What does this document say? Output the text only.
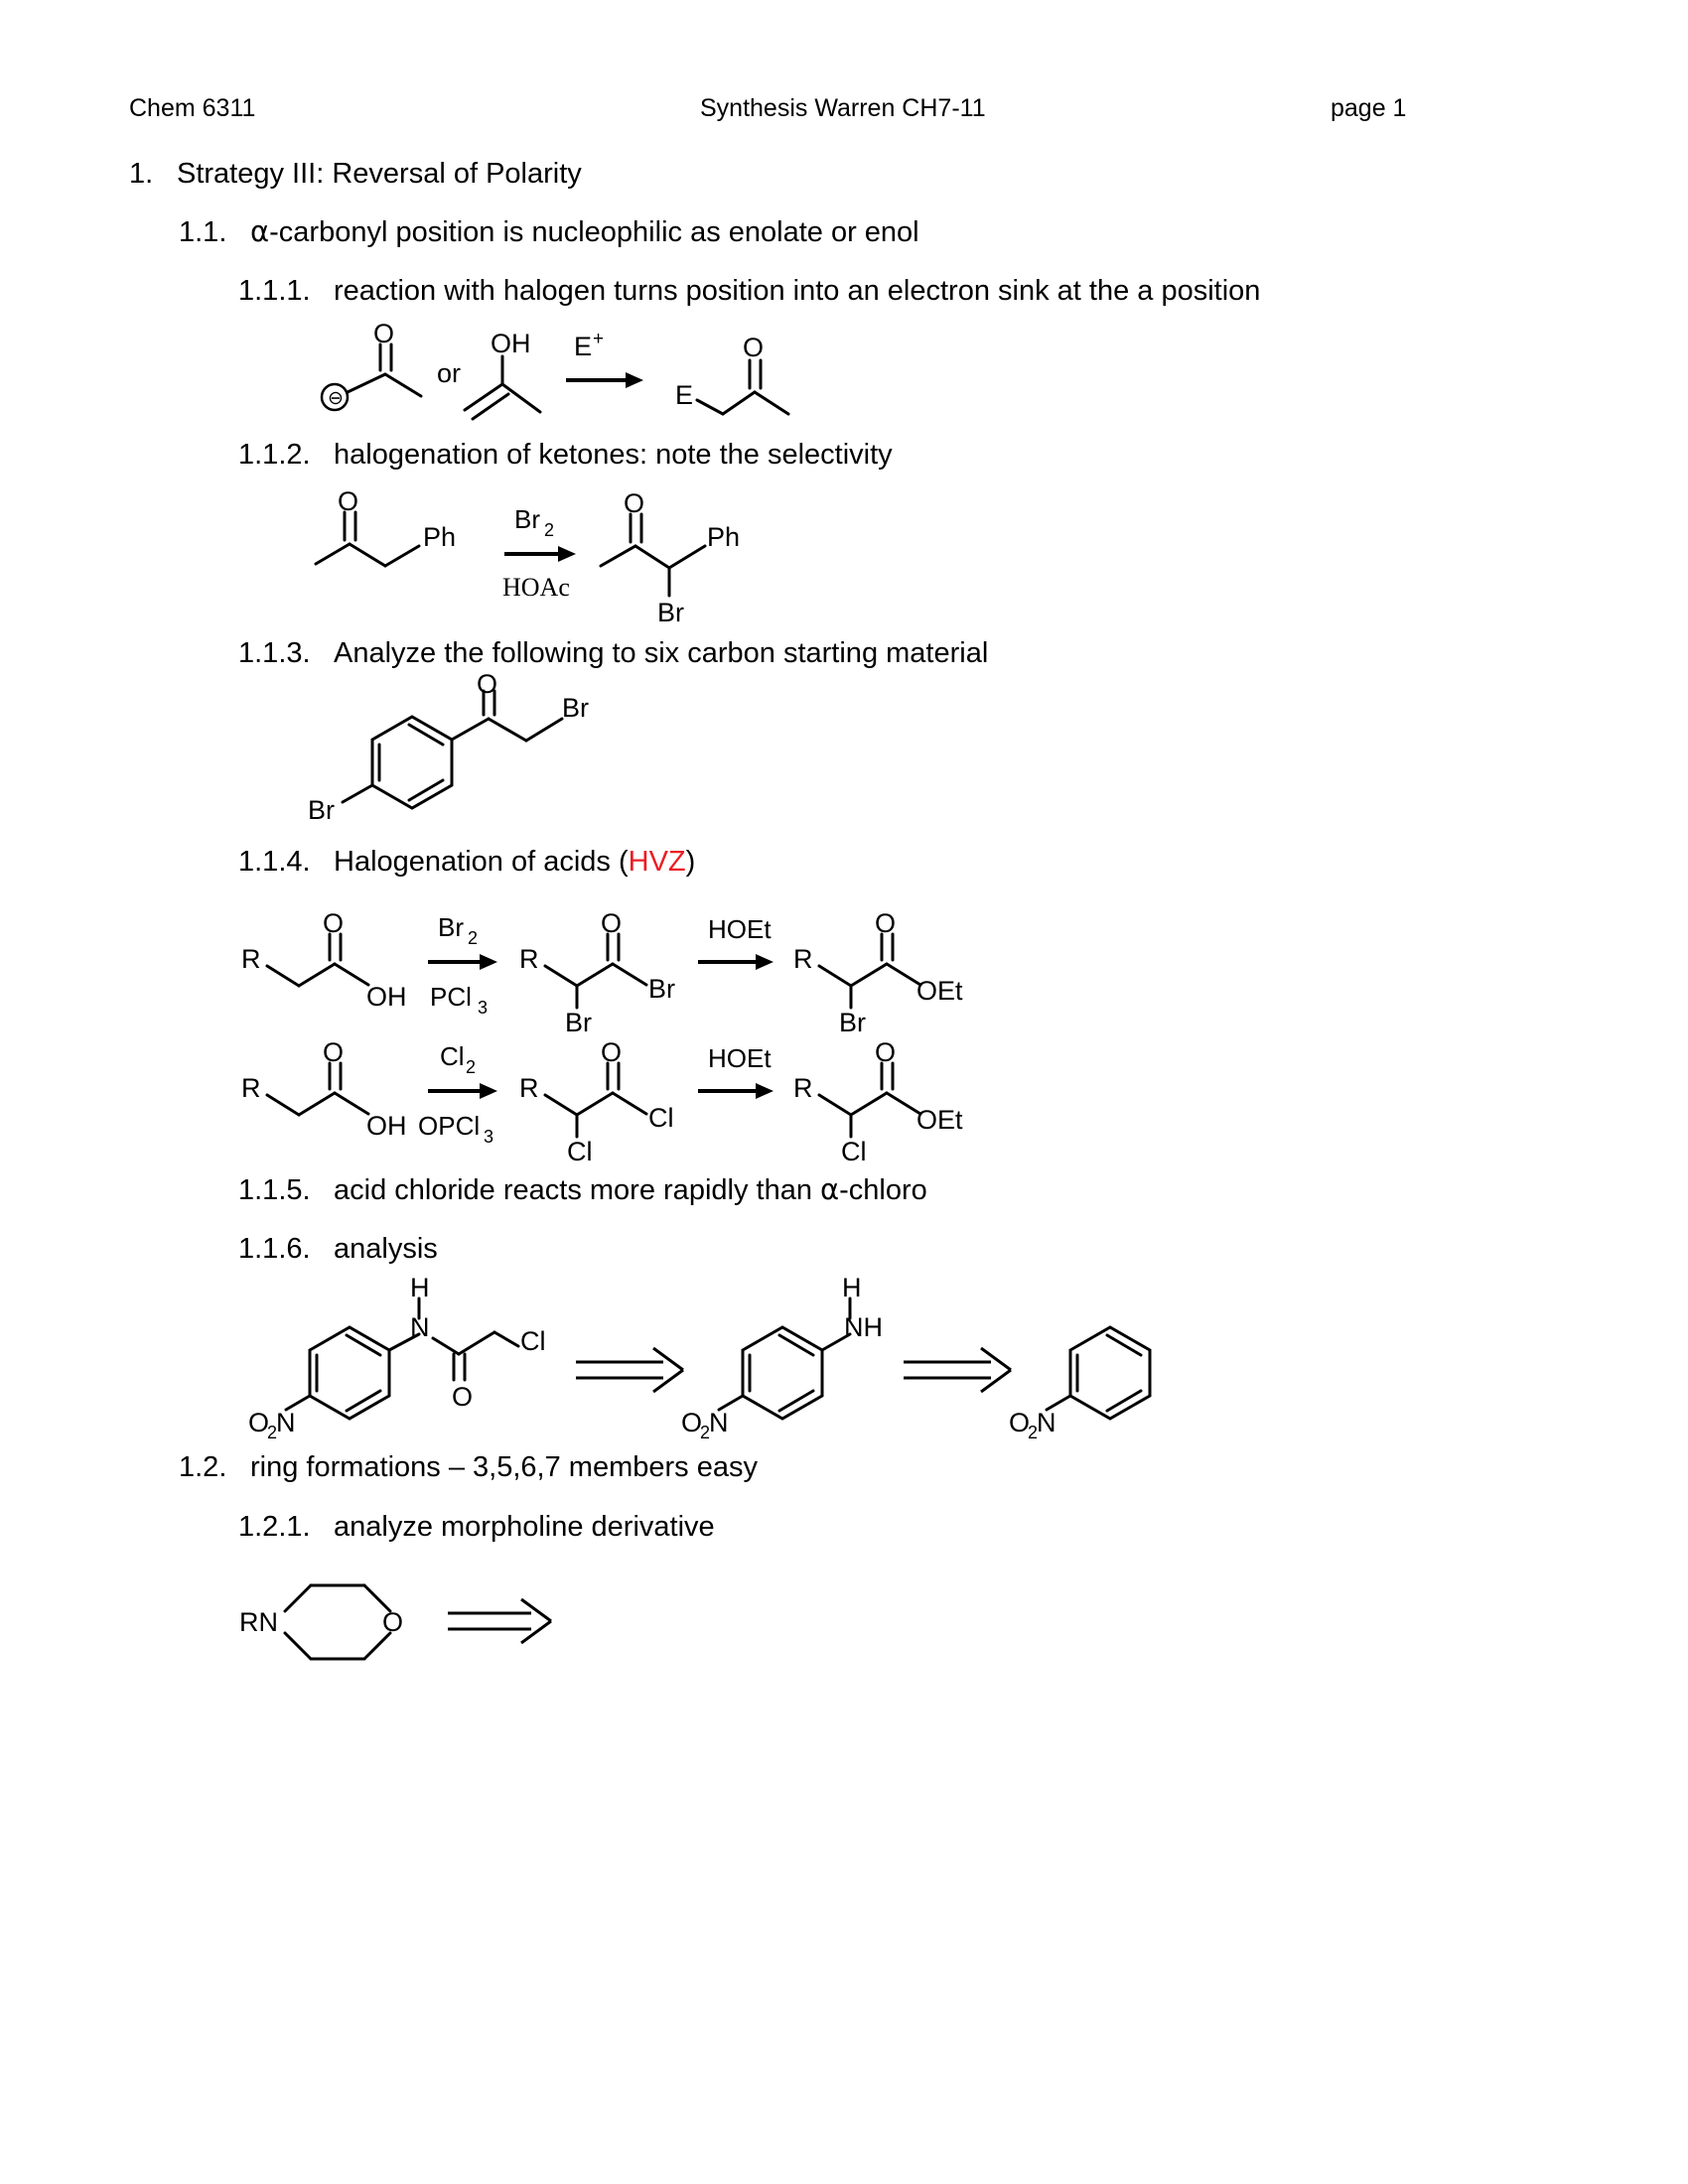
Chem 6311	Synthesis Warren CH7-11	page 1
1. Strategy III: Reversal of Polarity
1.1. α-carbonyl position is nucleophilic as enolate or enol
1.1.1. reaction with halogen turns position into an electron sink at the a position
⊖
O
or
OH E +
E
O
1.1.2. halogenation of ketones: note the selectivity
O
Ph
Br 2
HOAc
O
Ph
Br
1.1.3. Analyze the following to six carbon starting material
Br
O
Br
1.1.4. Halogenation of acids (HVZ)
R
O
OH
Br 2
PCl 3
R
O
Br
Br
HOEt
R
O
OEt
Br
R
O
OH
Cl 2
OPCl 3
R
O
Cl
Cl
HOEt
R
O
OEt
Cl
1.1.5. acid chloride reacts more rapidly than α-chloro
1.1.6. analysis
O
2
N
N
H
O
Cl
O
2
N
NH
H
O
2
N
1.2. ring formations – 3,5,6,7 members easy
1.2.1. analyze morpholine derivative
RN	O
